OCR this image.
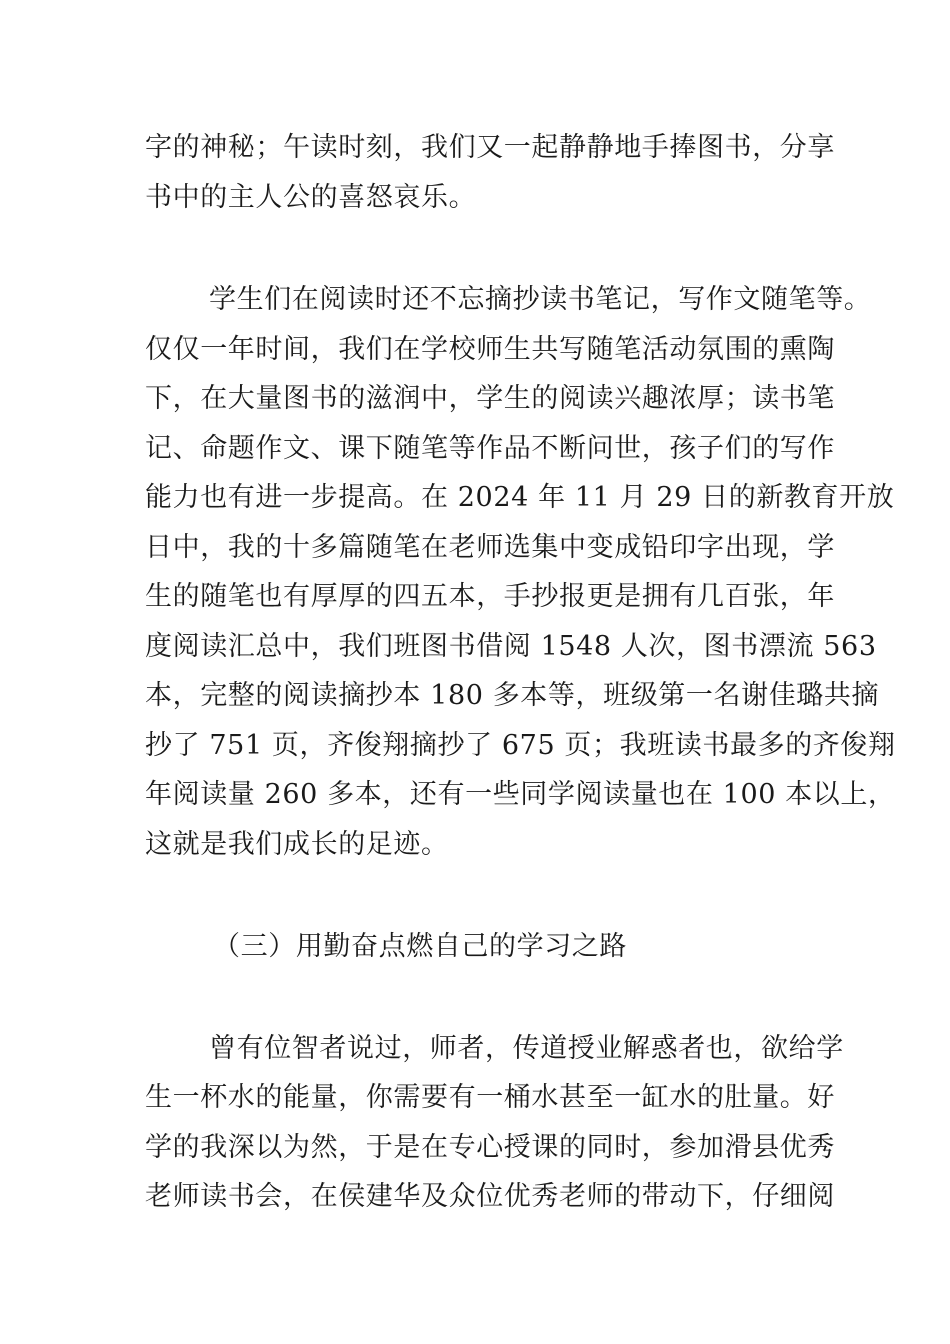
字的神秘；午读时刻，我们又一起静静地手捧图书，分享
书中的主人公的喜怒哀乐。
学生们在阅读时还不忘摘抄读书笔记，写作文随笔等。
仅仅一年时间，我们在学校师生共写随笔活动氛围的熏陶
下，在大量图书的滋润中，学生的阅读兴趣浓厚；读书笔
记、命题作文、课下随笔等作品不断问世，孩子们的写作
能力也有进一步提高。在 2024 年 11 月 29 日的新教育开放
日中，我的十多篇随笔在老师选集中变成铅印字出现，学
生的随笔也有厚厚的四五本，手抄报更是拥有几百张，年
度阅读汇总中，我们班图书借阅 1548 人次，图书漂流 563
本，完整的阅读摘抄本 180 多本等，班级第一名谢佳璐共摘
抄了 751 页，齐俊翔摘抄了 675 页；我班读书最多的齐俊翔
年阅读量 260 多本，还有一些同学阅读量也在 100 本以上，
这就是我们成长的足迹。
（三）用勤奋点燃自己的学习之路
曾有位智者说过，师者，传道授业解惑者也，欲给学
生一杯水的能量，你需要有一桶水甚至一缸水的肚量。好
学的我深以为然，于是在专心授课的同时，参加滑县优秀
老师读书会，在侯建华及众位优秀老师的带动下，仔细阅
